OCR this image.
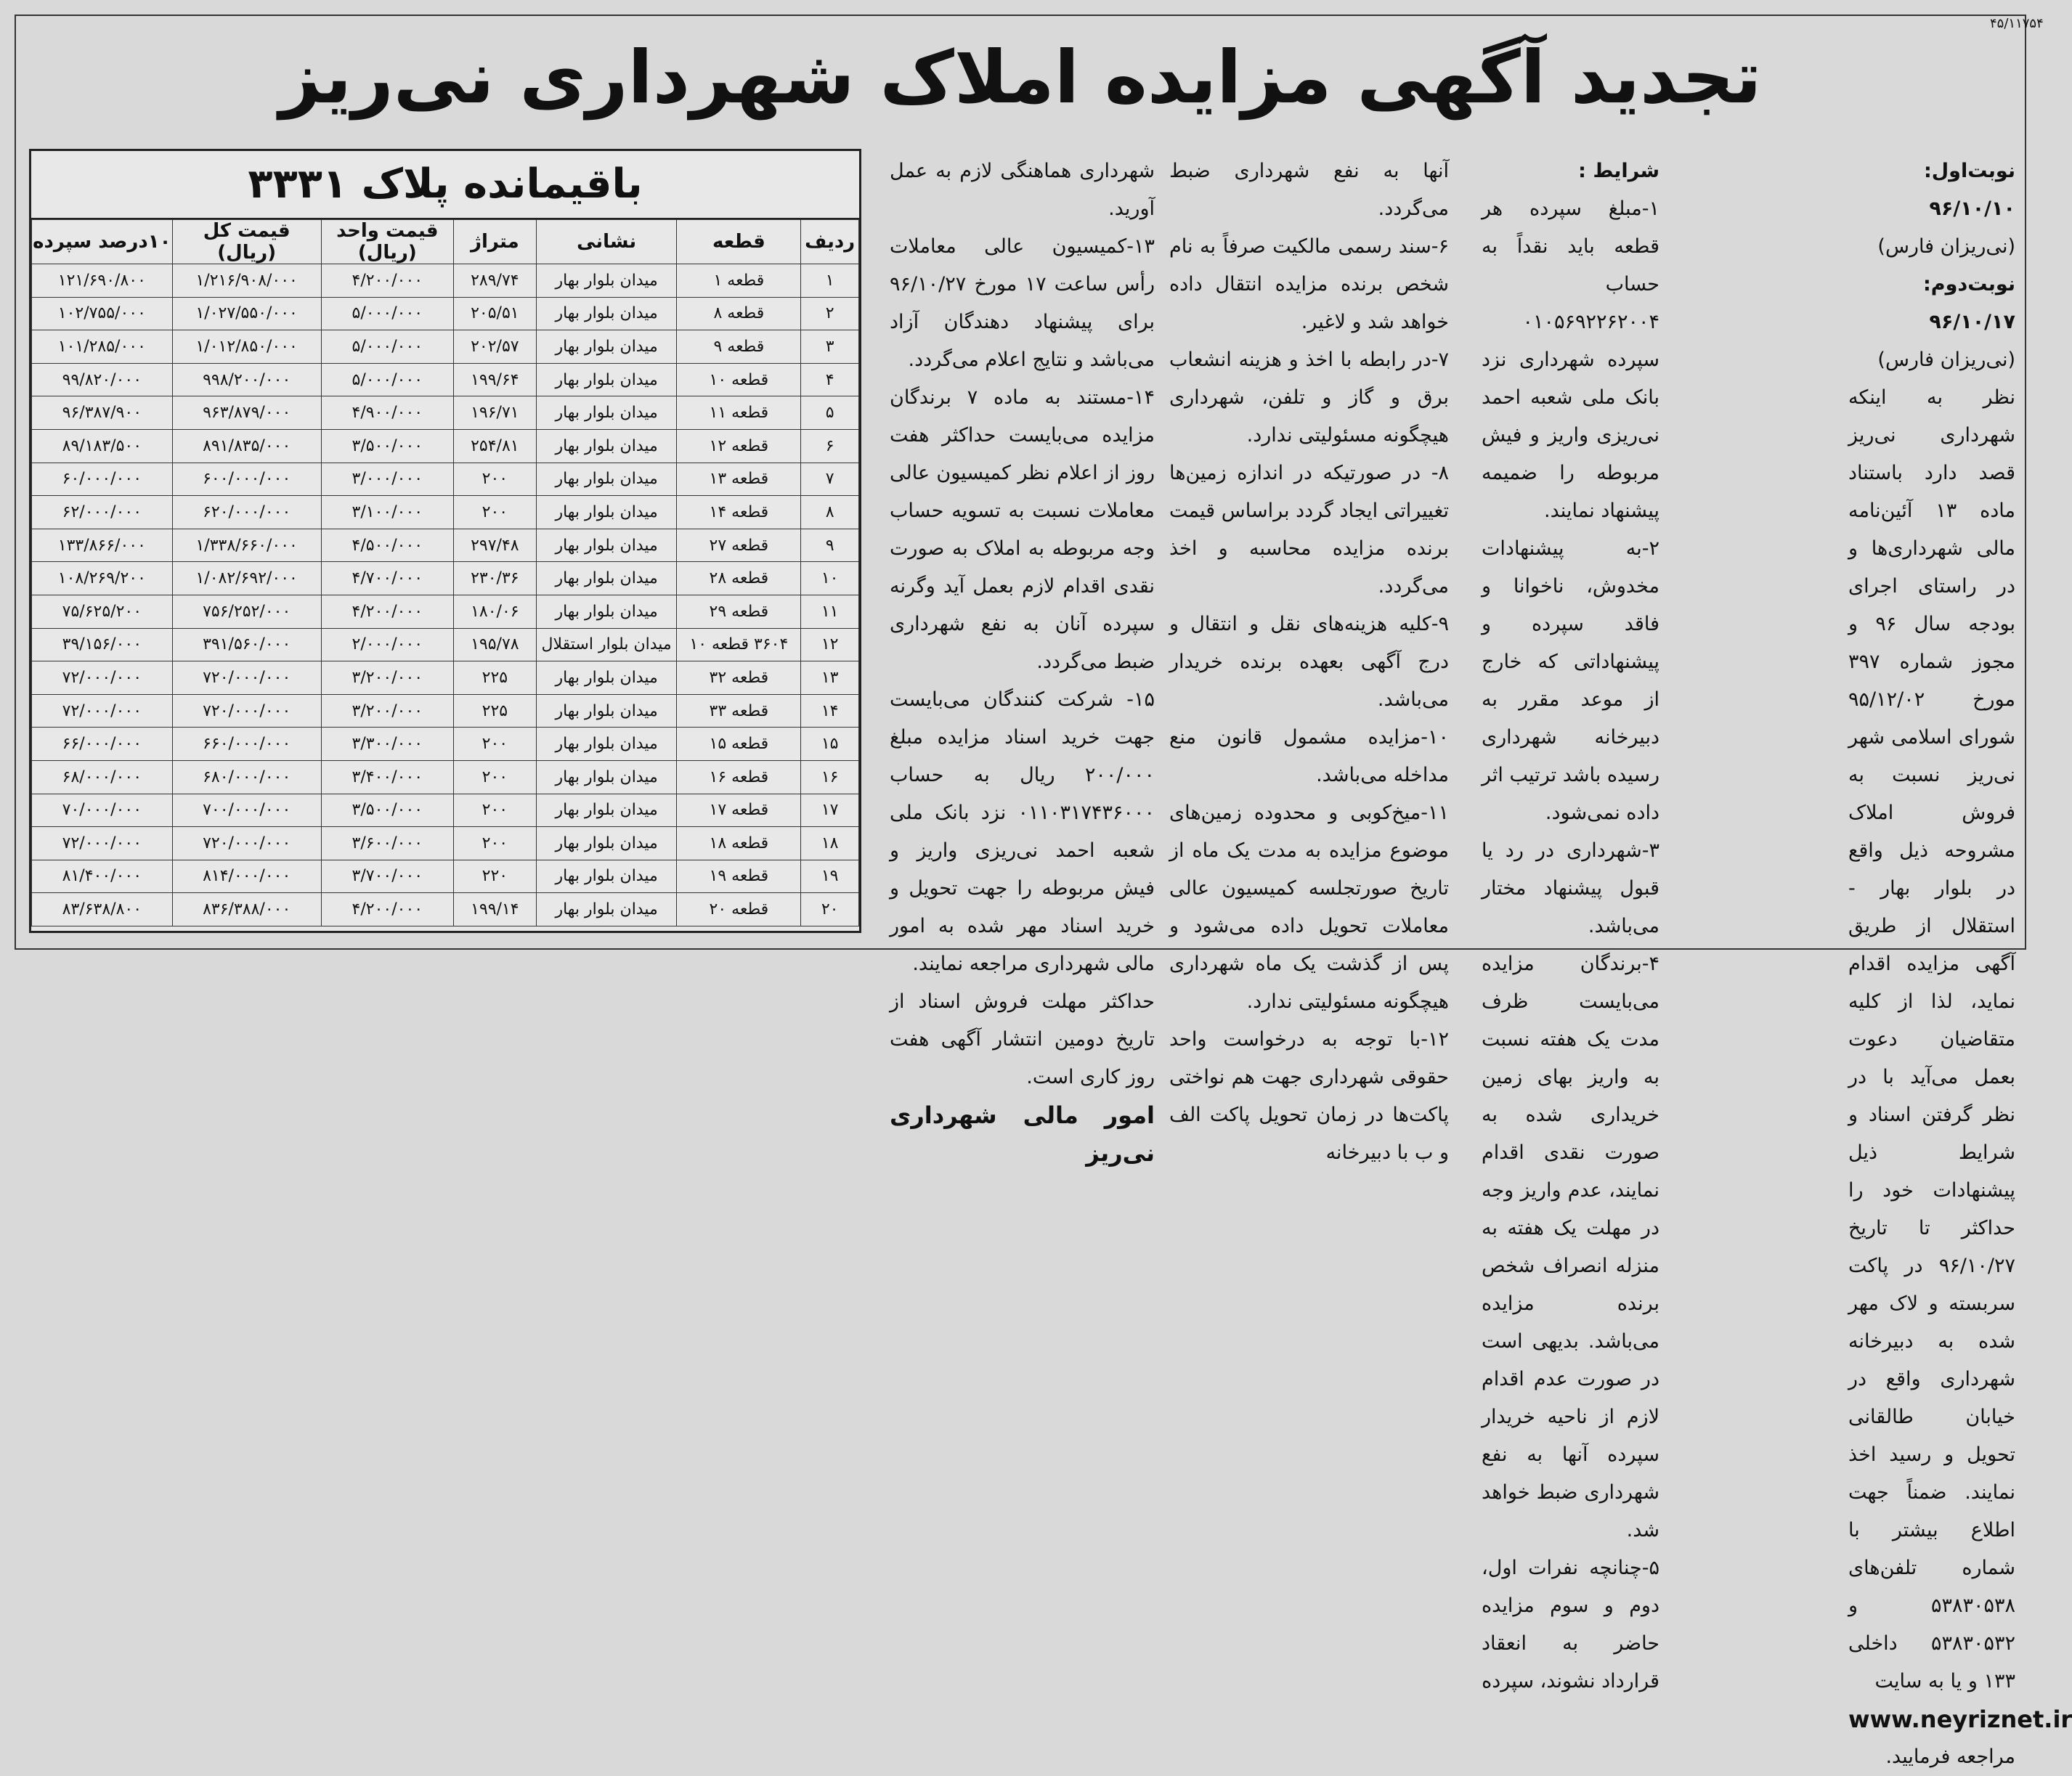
۴۵/۱۱۷۵۴
تجدید آگهی مزایده املاک شهرداری نی‌ریز

نوبت‌اول: ۹۶/۱۰/۱۰

(نی‌ریزان فارس)

نوبت‌دوم: ۹۶/۱۰/۱۷

(نی‌ریزان فارس)

نظر به اینکه شهرداری نی‌ریز قصد دارد باستناد ماده ۱۳ آئین‌نامه مالی شهرداری‌ها و در راستای اجرای بودجه سال ۹۶ و مجوز شماره ۳۹۷ مورخ ۹۵/۱۲/۰۲ شورای اسلامی شهر نی‌ریز نسبت به فروش املاک مشروحه ذیل واقع در بلوار بهار - استقلال از طریق آگهی مزایده اقدام نماید، لذا از کلیه متقاضیان دعوت بعمل می‌آید با در نظر گرفتن اسناد و شرایط ذیل پیشنهادات خود را حداکثر تا تاریخ ۹۶/۱۰/۲۷ در پاکت سربسته و لاک مهر شده به دبیرخانه شهرداری واقع در خیابان طالقانی تحویل و رسید اخذ نمایند. ضمناً جهت اطلاع بیشتر با شماره تلفن‌های ۵۳۸۳۰۵۳۸ و ۵۳۸۳۰۵۳۲ داخلی ۱۳۳ و یا به سایت

www.neyriznet.ir

مراجعه فرمایید.

شرایط :

۱-مبلغ سپرده هر قطعه باید نقداً به حساب ۰۱۰۵۶۹۲۲۶۲۰۰۴ سپرده شهرداری نزد بانک ملی شعبه احمد نی‌ریزی واریز و فیش مربوطه را ضمیمه پیشنهاد نمایند.

۲-به پیشنهادات مخدوش، ناخوانا و فاقد سپرده و پیشنهاداتی که خارج از موعد مقرر به دبیرخانه شهرداری رسیده باشد ترتیب اثر داده نمی‌شود.

۳-شهرداری در رد یا قبول پیشنهاد مختار می‌باشد.

۴-برندگان مزایده می‌بایست ظرف مدت یک هفته نسبت به واریز بهای زمین خریداری شده به صورت نقدی اقدام نمایند، عدم واریز وجه در مهلت یک هفته به منزله انصراف شخص برنده مزایده می‌باشد. بدیهی است در صورت عدم اقدام لازم از ناحیه خریدار سپرده آنها به نفع شهرداری ضبط خواهد شد.

۵-چنانچه نفرات اول، دوم و سوم مزایده حاضر به انعقاد قرارداد نشوند، سپرده

آنها به نفع شهرداری ضبط می‌گردد.

۶-سند رسمی مالکیت صرفاً به نام شخص برنده مزایده انتقال داده خواهد شد و لاغیر.

۷-در رابطه با اخذ و هزینه انشعاب برق و گاز و تلفن، شهرداری هیچگونه مسئولیتی ندارد.

۸- در صورتیکه در اندازه زمین‌ها تغییراتی ایجاد گردد براساس قیمت برنده مزایده محاسبه و اخذ می‌گردد.

۹-کلیه هزینه‌های نقل و انتقال و درج آگهی بعهده برنده خریدار می‌باشد.

۱۰-مزایده مشمول قانون منع مداخله می‌باشد.

۱۱-میخ‌کوبی و محدوده زمین‌های موضوع مزایده به مدت یک ماه از تاریخ صورتجلسه کمیسیون عالی معاملات تحویل داده می‌شود و پس از گذشت یک ماه شهرداری هیچگونه مسئولیتی ندارد.

۱۲-با توجه به درخواست واحد حقوقی شهرداری جهت هم نواختی پاکت‌ها در زمان تحویل پاکت الف و ب با دبیرخانه

شهرداری هماهنگی لازم به عمل آورید.

۱۳-کمیسیون عالی معاملات رأس ساعت ۱۷ مورخ ۹۶/۱۰/۲۷ برای پیشنهاد دهندگان آزاد می‌باشد و نتایج اعلام می‌گردد.

۱۴-مستند به ماده ۷ برندگان مزایده می‌بایست حداکثر هفت روز از اعلام نظر کمیسیون عالی معاملات نسبت به تسویه حساب وجه مربوطه به املاک به صورت نقدی اقدام لازم بعمل آید وگرنه سپرده آنان به نفع شهرداری ضبط می‌گردد.

۱۵- شرکت کنندگان می‌بایست جهت خرید اسناد مزایده مبلغ ۲۰۰/۰۰۰ ریال به حساب ۰۱۱۰۳۱۷۴۳۶۰۰۰ نزد بانک ملی شعبه احمد نی‌ریزی واریز و فیش مربوطه را جهت تحویل و خرید اسناد مهر شده به امور مالی شهرداری مراجعه نمایند.

حداکثر مهلت فروش اسناد از تاریخ دومین انتشار آگهی هفت روز کاری است.

امور مالی شهرداری نی‌ریز

باقیمانده پلاک ۳۳۳۱
ردیف	قطعه	نشانی	متراژ	قیمت واحد (ریال)	قیمت کل (ریال)	۱۰درصد سپرده
۱	قطعه ۱	میدان بلوار بهار	۲۸۹/۷۴	۴/۲۰۰/۰۰۰	۱/۲۱۶/۹۰۸/۰۰۰	۱۲۱/۶۹۰/۸۰۰
۲	قطعه ۸	میدان بلوار بهار	۲۰۵/۵۱	۵/۰۰۰/۰۰۰	۱/۰۲۷/۵۵۰/۰۰۰	۱۰۲/۷۵۵/۰۰۰
۳	قطعه ۹	میدان بلوار بهار	۲۰۲/۵۷	۵/۰۰۰/۰۰۰	۱/۰۱۲/۸۵۰/۰۰۰	۱۰۱/۲۸۵/۰۰۰
۴	قطعه ۱۰	میدان بلوار بهار	۱۹۹/۶۴	۵/۰۰۰/۰۰۰	۹۹۸/۲۰۰/۰۰۰	۹۹/۸۲۰/۰۰۰
۵	قطعه ۱۱	میدان بلوار بهار	۱۹۶/۷۱	۴/۹۰۰/۰۰۰	۹۶۳/۸۷۹/۰۰۰	۹۶/۳۸۷/۹۰۰
۶	قطعه ۱۲	میدان بلوار بهار	۲۵۴/۸۱	۳/۵۰۰/۰۰۰	۸۹۱/۸۳۵/۰۰۰	۸۹/۱۸۳/۵۰۰
۷	قطعه ۱۳	میدان بلوار بهار	۲۰۰	۳/۰۰۰/۰۰۰	۶۰۰/۰۰۰/۰۰۰	۶۰/۰۰۰/۰۰۰
۸	قطعه ۱۴	میدان بلوار بهار	۲۰۰	۳/۱۰۰/۰۰۰	۶۲۰/۰۰۰/۰۰۰	۶۲/۰۰۰/۰۰۰
۹	قطعه ۲۷	میدان بلوار بهار	۲۹۷/۴۸	۴/۵۰۰/۰۰۰	۱/۳۳۸/۶۶۰/۰۰۰	۱۳۳/۸۶۶/۰۰۰
۱۰	قطعه ۲۸	میدان بلوار بهار	۲۳۰/۳۶	۴/۷۰۰/۰۰۰	۱/۰۸۲/۶۹۲/۰۰۰	۱۰۸/۲۶۹/۲۰۰
۱۱	قطعه ۲۹	میدان بلوار بهار	۱۸۰/۰۶	۴/۲۰۰/۰۰۰	۷۵۶/۲۵۲/۰۰۰	۷۵/۶۲۵/۲۰۰
۱۲	۳۶۰۴ قطعه ۱۰	میدان بلوار استقلال	۱۹۵/۷۸	۲/۰۰۰/۰۰۰	۳۹۱/۵۶۰/۰۰۰	۳۹/۱۵۶/۰۰۰
۱۳	قطعه ۳۲	میدان بلوار بهار	۲۲۵	۳/۲۰۰/۰۰۰	۷۲۰/۰۰۰/۰۰۰	۷۲/۰۰۰/۰۰۰
۱۴	قطعه ۳۳	میدان بلوار بهار	۲۲۵	۳/۲۰۰/۰۰۰	۷۲۰/۰۰۰/۰۰۰	۷۲/۰۰۰/۰۰۰
۱۵	قطعه ۱۵	میدان بلوار بهار	۲۰۰	۳/۳۰۰/۰۰۰	۶۶۰/۰۰۰/۰۰۰	۶۶/۰۰۰/۰۰۰
۱۶	قطعه ۱۶	میدان بلوار بهار	۲۰۰	۳/۴۰۰/۰۰۰	۶۸۰/۰۰۰/۰۰۰	۶۸/۰۰۰/۰۰۰
۱۷	قطعه ۱۷	میدان بلوار بهار	۲۰۰	۳/۵۰۰/۰۰۰	۷۰۰/۰۰۰/۰۰۰	۷۰/۰۰۰/۰۰۰
۱۸	قطعه ۱۸	میدان بلوار بهار	۲۰۰	۳/۶۰۰/۰۰۰	۷۲۰/۰۰۰/۰۰۰	۷۲/۰۰۰/۰۰۰
۱۹	قطعه ۱۹	میدان بلوار بهار	۲۲۰	۳/۷۰۰/۰۰۰	۸۱۴/۰۰۰/۰۰۰	۸۱/۴۰۰/۰۰۰
۲۰	قطعه ۲۰	میدان بلوار بهار	۱۹۹/۱۴	۴/۲۰۰/۰۰۰	۸۳۶/۳۸۸/۰۰۰	۸۳/۶۳۸/۸۰۰
